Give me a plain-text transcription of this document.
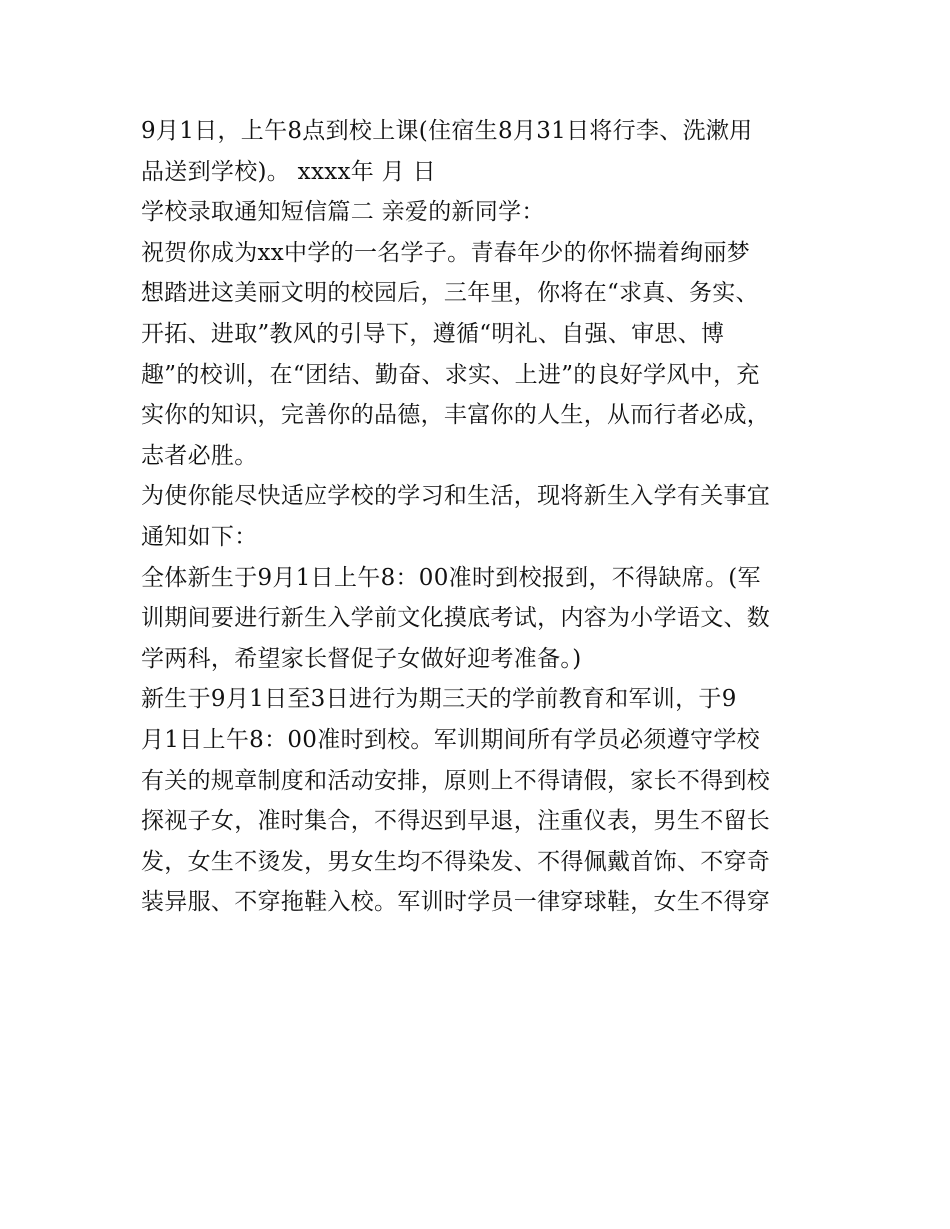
9月1日，上午8点到校上课(住宿生8月31日将行李、洗漱用
品送到学校)。 xxxx年 月 日
学校录取通知短信篇二 亲爱的新同学：
祝贺你成为xx中学的一名学子。青春年少的你怀揣着绚丽梦
想踏进这美丽文明的校园后，三年里，你将在“求真、务实、
开拓、进取”教风的引导下，遵循“明礼、自强、审思、博
趣”的校训，在“团结、勤奋、求实、上进”的良好学风中，充
实你的知识，完善你的品德，丰富你的人生，从而行者必成，
志者必胜。
为使你能尽快适应学校的学习和生活，现将新生入学有关事宜
通知如下：
全体新生于9月1日上午8：00准时到校报到，不得缺席。(军
训期间要进行新生入学前文化摸底考试，内容为小学语文、数
学两科，希望家长督促子女做好迎考准备。)
新生于9月1日至3日进行为期三天的学前教育和军训，于9
月1日上午8：00准时到校。军训期间所有学员必须遵守学校
有关的规章制度和活动安排，原则上不得请假，家长不得到校
探视子女，准时集合，不得迟到早退，注重仪表，男生不留长
发，女生不烫发，男女生均不得染发、不得佩戴首饰、不穿奇
装异服、不穿拖鞋入校。军训时学员一律穿球鞋，女生不得穿
